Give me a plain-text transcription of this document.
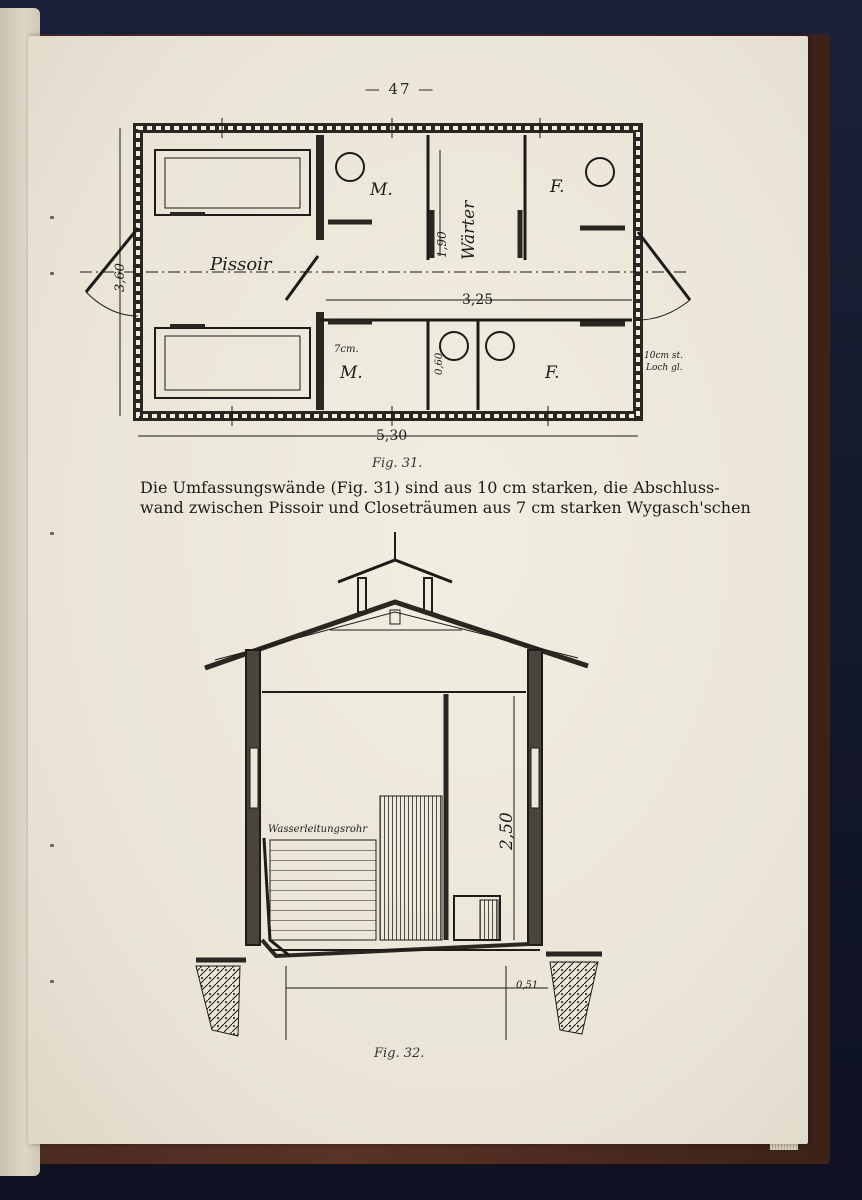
— 47 —
Pissoir
M.	F.
Wärter
M.	F.
5,30
3,60
3,25
1,90
0,60
7cm.
10cm st.
Loch gl.
Fig. 31.
Die Umfassungswände (Fig. 31) sind aus 10 cm starken, die Abschluss-
wand zwischen Pissoir und Closeträumen aus 7 cm starken Wygasch'schen
Wasserleitungsrohr	2,50
0,51
Fig. 32.
